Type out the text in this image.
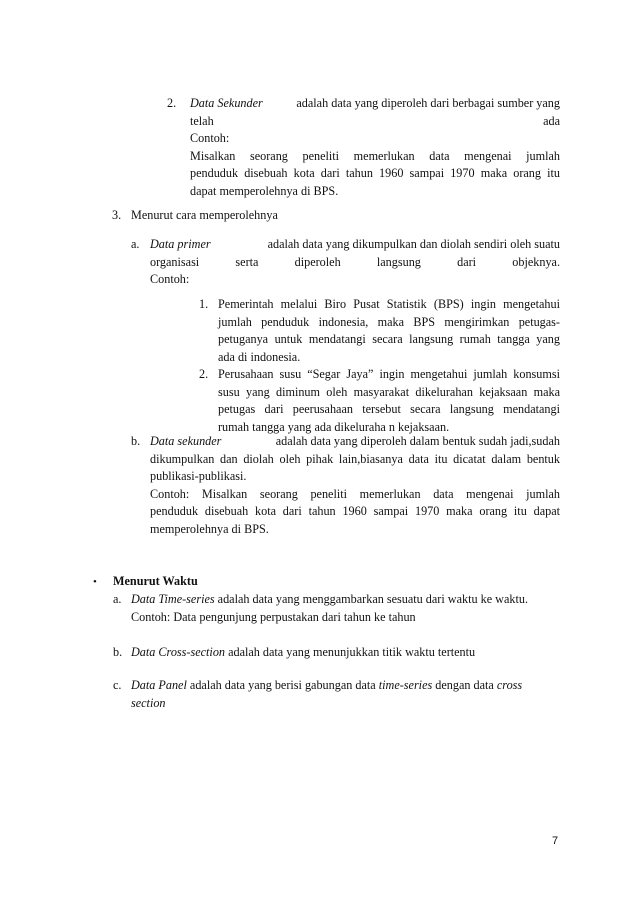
2. Data Sekunder	adalah data yang diperoleh dari berbagai sumber yang
telah	ada
Contoh:
Misalkan seorang peneliti memerlukan data mengenai jumlah
penduduk disebuah kota dari tahun 1960 sampai 1970 maka orang itu
dapat memperolehnya di BPS.
3. Menurut cara memperolehnya
a. Data primer	adalah data yang dikumpulkan dan diolah sendiri oleh suatu
organisasi serta diperoleh langsung dari objeknya.
Contoh:
1. Pemerintah melalui Biro Pusat Statistik (BPS) ingin mengetahui
jumlah penduduk indonesia, maka BPS mengirimkan petugas-
petuganya untuk mendatangi secara langsung rumah tangga yang
ada di indonesia.
2. Perusahaan susu “Segar Jaya” ingin mengetahui jumlah konsumsi
susu yang diminum oleh masyarakat dikelurahan kejaksaan maka
petugas dari peerusahaan tersebut secara langsung mendatangi
rumah tangga yang ada dikeluraha n kejaksaan.
b. Data sekunder	adalah data yang diperoleh dalam bentuk sudah jadi,sudah
dikumpulkan dan diolah oleh pihak lain,biasanya data itu dicatat dalam bentuk
publikasi-publikasi.
Contoh: Misalkan seorang peneliti memerlukan data mengenai jumlah
penduduk disebuah kota dari tahun 1960 sampai 1970 maka orang itu dapat
memperolehnya di BPS.
• Menurut Waktu
a. Data Time-series adalah data yang menggambarkan sesuatu dari waktu ke waktu.
Contoh: Data pengunjung perpustakan dari tahun ke tahun
b. Data Cross-section adalah data yang menunjukkan titik waktu tertentu
c. Data Panel adalah data yang berisi gabungan data time-series dengan data cross
section
7
